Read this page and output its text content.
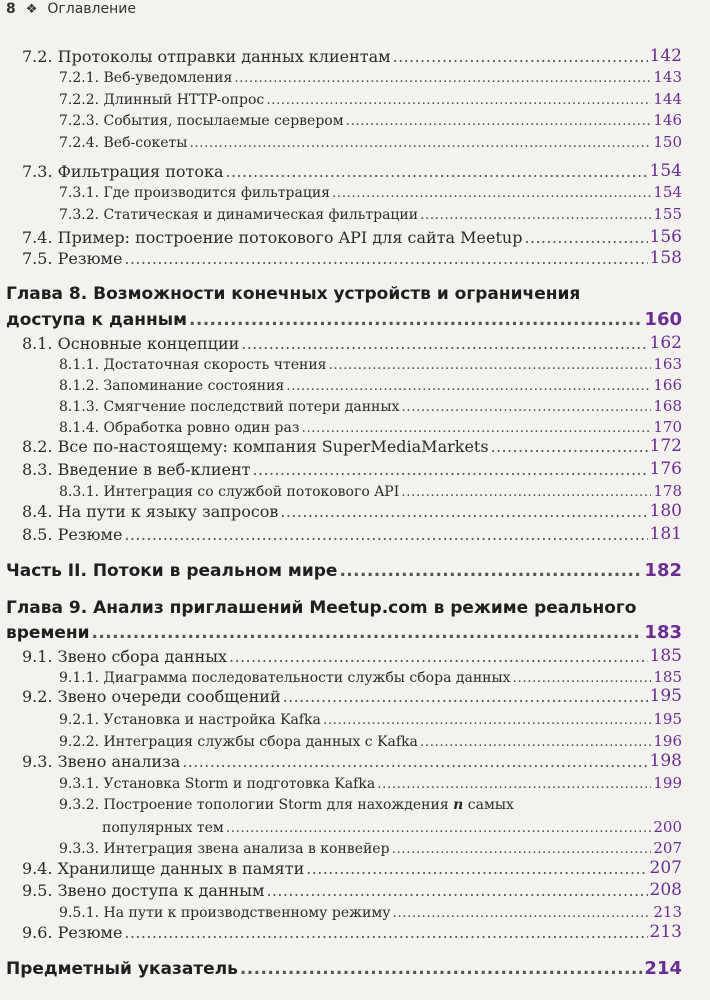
8 ❖ Оглавление
7.2. Протоколы отправки данных клиентам .....	142
7.2.1. Веб-уведомления .....	143
7.2.2. Длинный HTTP-опрос .....	144
7.2.3. События, посылаемые сервером .....	146
7.2.4. Веб-сокеты .....	150
7.3. Фильтрация потока .....	154
7.3.1. Где производится фильтрация .....	154
7.3.2. Статическая и динамическая фильтрации .....	155
7.4. Пример: построение потокового API для сайта Meetup .....	156
7.5. Резюме .....	158
Глава 8. Возможности конечных устройств и ограничения
доступа к данным .....	160
8.1. Основные концепции .....	162
8.1.1. Достаточная скорость чтения .....	163
8.1.2. Запоминание состояния .....	166
8.1.3. Смягчение последствий потери данных .....	168
8.1.4. Обработка ровно один раз .....	170
8.2. Все по-настоящему: компания SuperMediaMarkets .....	172
8.3. Введение в веб-клиент .....	176
8.3.1. Интеграция со службой потокового API .....	178
8.4. На пути к языку запросов .....	180
8.5. Резюме .....	181
Часть II. Потоки в реальном мире .....	182
Глава 9. Анализ приглашений Meetup.com в режиме реального
времени .....	183
9.1. Звено сбора данных .....	185
9.1.1. Диаграмма последовательности службы сбора данных .....	185
9.2. Звено очереди сообщений .....	195
9.2.1. Установка и настройка Kafka .....	195
9.2.2. Интеграция службы сбора данных с Kafka .....	196
9.3. Звено анализа .....	198
9.3.1. Установка Storm и подготовка Kafka .....	199
9.3.2. Построение топологии Storm для нахождения n самых
популярных тем .....	200
9.3.3. Интеграция звена анализа в конвейер .....	207
9.4. Хранилище данных в памяти .....	207
9.5. Звено доступа к данным .....	208
9.5.1. На пути к производственному режиму .....	213
9.6. Резюме .....	213
Предметный указатель .....	214
